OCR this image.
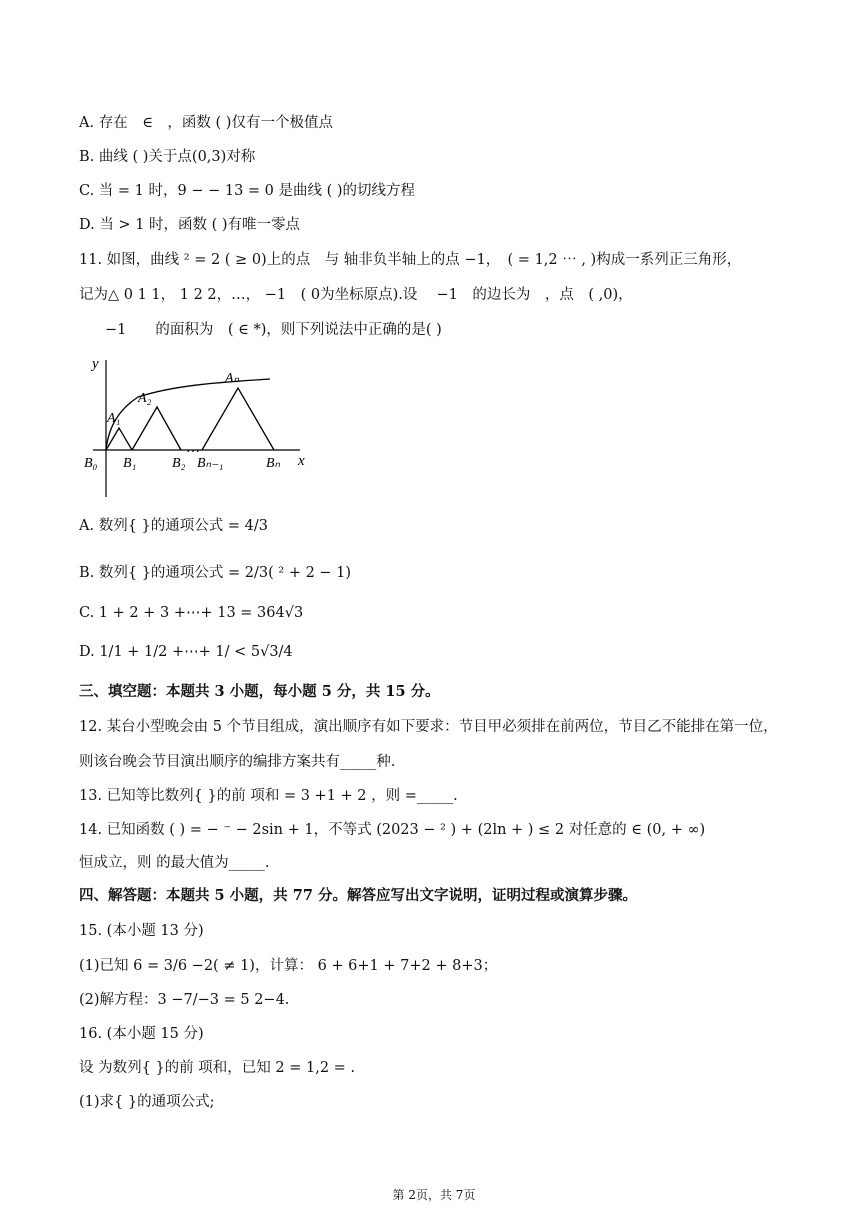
A. 存在　∈　，函数 ( )仅有一个极值点
B. 曲线 ( )关于点(0,3)对称
C. 当 = 1 时，9 − − 13 = 0 是曲线 ( )的切线方程
D. 当 > 1 时，函数 ( )有唯一零点
11. 如图，曲线 ² = 2 ( ≥ 0)上的点　与 轴非负半轴上的点 −1，　( = 1,2 ⋯ , )构成一系列正三角形，
记为△ 0 1 1， 1 2 2，…， −1　( 0为坐标原点).设　 −1　的边长为　，点　( ,0)，
−1　　的面积为　( ∈ *)，则下列说法中正确的是( )
y
x
A₁
A₂
Aₙ
B₀ B₁	B₂
…
Bₙ₋₁	Bₙ
A. 数列{ }的通项公式 = 4/3
B. 数列{ }的通项公式 = 2/3( ² + 2 − 1)
C. 1 + 2 + 3 +⋯+ 13 = 364√3
D. 1/1 + 1/2 +⋯+ 1/ < 5√3/4
三、填空题：本题共 3 小题，每小题 5 分，共 15 分。
12. 某台小型晚会由 5 个节目组成，演出顺序有如下要求：节目甲必须排在前两位，节目乙不能排在第一位，
则该台晚会节目演出顺序的编排方案共有_____种.
13. 已知等比数列{ }的前 项和 = 3 +1 + 2 ，则 =_____.
14. 已知函数 ( ) = − ⁻ − 2sin + 1，不等式 (2023 − ² ) + (2ln + ) ≤ 2 对任意的 ∈ (0, + ∞)
恒成立，则 的最大值为_____.
四、解答题：本题共 5 小题，共 77 分。解答应写出文字说明，证明过程或演算步骤。
15. (本小题 13 分)
(1)已知 6 = 3/6 −2( ≠ 1)，计算： 6 + 6+1 + 7+2 + 8+3；
(2)解方程：3 −7/−3 = 5 2−4.
16. (本小题 15 分)
设 为数列{ }的前 项和，已知 2 = 1,2 = .
(1)求{ }的通项公式;
第 2页，共 7页
